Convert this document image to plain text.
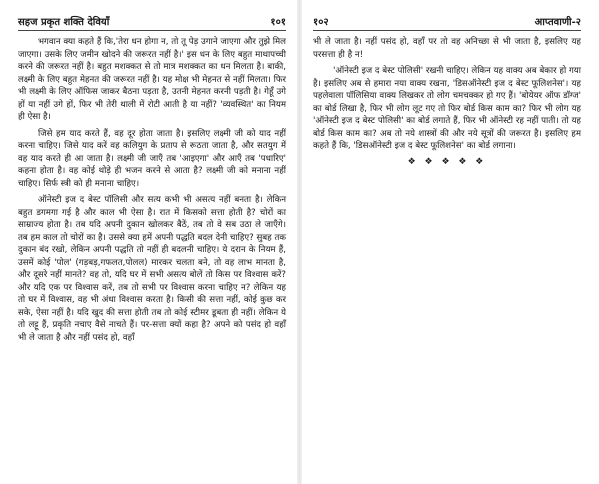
सहज प्रकृत शक्ति देवियाँ	१०१

भगवान क्या कहते हैं कि,'तेरा धन होगा न, तो तू पेड़ उगाने जाएगा और तुझे मिल जाएगा। उसके लिए जमीन खोदने की जरूरत नहीं है।' इस धन के लिए बहुत माथापच्ची करने की जरूरत नहीं है। बहुत मशक्कत से तो मात्र मशक्कत का धन मिलता है। बाकी, लक्ष्मी के लिए बहुत मेहनत की जरूरत नहीं है। यह मोक्ष भी मेहनत से नहीं मिलता। फिर भी लक्ष्मी के लिए ऑफिस जाकर बैठना पड़ता है, उतनी मेहनत करनी पड़ती है। गेहूँ उगे हों या नहीं उगे हों, फिर भी तेरी थाली में रोटी आती है या नहीं? 'व्यवस्थित' का नियम ही ऐसा है।

जिसे हम याद करते हैं, वह दूर होता जाता है। इसलिए लक्ष्मी जी को याद नहीं करना चाहिए। जिसे याद करें वह कलियुग के प्रताप से रूठता जाता है, और सतयुग में वह याद करते ही आ जाता है। लक्ष्मी जी जाएँ तब 'आइएगा' और आएँ तब 'पधारिए' कहना होता है। वह कोई थोड़े ही भजन करने से आता है? लक्ष्मी जी को मनाना नहीं चाहिए। सिर्फ स्त्री को ही मनाना चाहिए।

ऑनेस्टी इज द बेस्ट पॉलिसी और सत्य कभी भी असत्य नहीं बनता है। लेकिन बहुत डगमगा गई है और काल भी ऐसा है। रात में किसको सत्ता होती है? चोरों का साम्राज्य होता है। तब यदि अपनी दुकान खोलकर बैठें, तब तो वे सब उठा ले जाएँगे। तब हम काल तो चोरों का है। उससे क्या हमें अपनी पद्धति बदल देनी चाहिए? सुबह तक दुकान बंद रखो, लेकिन अपनी पद्धति तो नहीं ही बदलनी चाहिए। ये दरान के नियम हैं, उसमें कोई 'पोल' (गड़बड़,गफलत,पोलल) मारकर चलता बने, तो वह लाभ मानता है, और दूसरे नहीं मानते? वह तो, यदि घर में सभी असत्य बोलें तो किस पर विश्वास करें? और यदि एक पर विश्वास करें, तब तो सभी पर विश्वास करना चाहिए न? लेकिन यह तो घर में विश्वास, वह भी अंधा विश्वास करता है। किसी की सत्ता नहीं, कोई कुछ कर सके, ऐसा नहीं है। यदि खुद की सत्ता होती तब तो कोई स्टीमर डूबता ही नहीं। लेकिन ये तो लट्टू हैं, प्रकृति नचाए वैसे नाचते हैं। पर-सत्ता क्यों कहा है? अपने को पसंद हो वहाँ भी ले जाता है और नहीं पसंद हो, वहाँ

१०२	आप्तवाणी-२

भी ले जाता है। नहीं पसंद हो, वहाँ पर तो वह अनिच्छा से भी जाता है, इसलिए यह परसत्ता ही है न!

'ऑनेस्टी इज द बेस्ट पोलिसी' रखनी चाहिए। लेकिन यह वाक्य अब बेकार हो गया है। इसलिए अब से हमारा नया वाक्य रखना, 'डिसऑनेस्टी इज द बेस्ट फूलिशनेस'। यह पहलेवाला पॉलिसिया वाक्य लिखकर तो लोग चमचक्कर हो गए हैं। 'बोयेयर ऑफ डॉग्ज' का बोर्ड लिखा है, फिर भी लोग लूट गए तो फिर बोर्ड किस काम का? फिर भी लोग यह 'ऑनेस्टी इज द बेस्ट पोलिसी' का बोर्ड लगाते हैं, फिर भी ऑनेस्टी रह नहीं पाती। तो यह बोर्ड किस काम का? अब तो नये शास्त्रों की और नये सूत्रों की जरूरत है। इसलिए हम कहते हैं कि, 'डिसऑनेस्टी इज द बेस्ट फूलिशनेस' का बोर्ड लगाना।

❖ ❖ ❖ ❖ ❖
